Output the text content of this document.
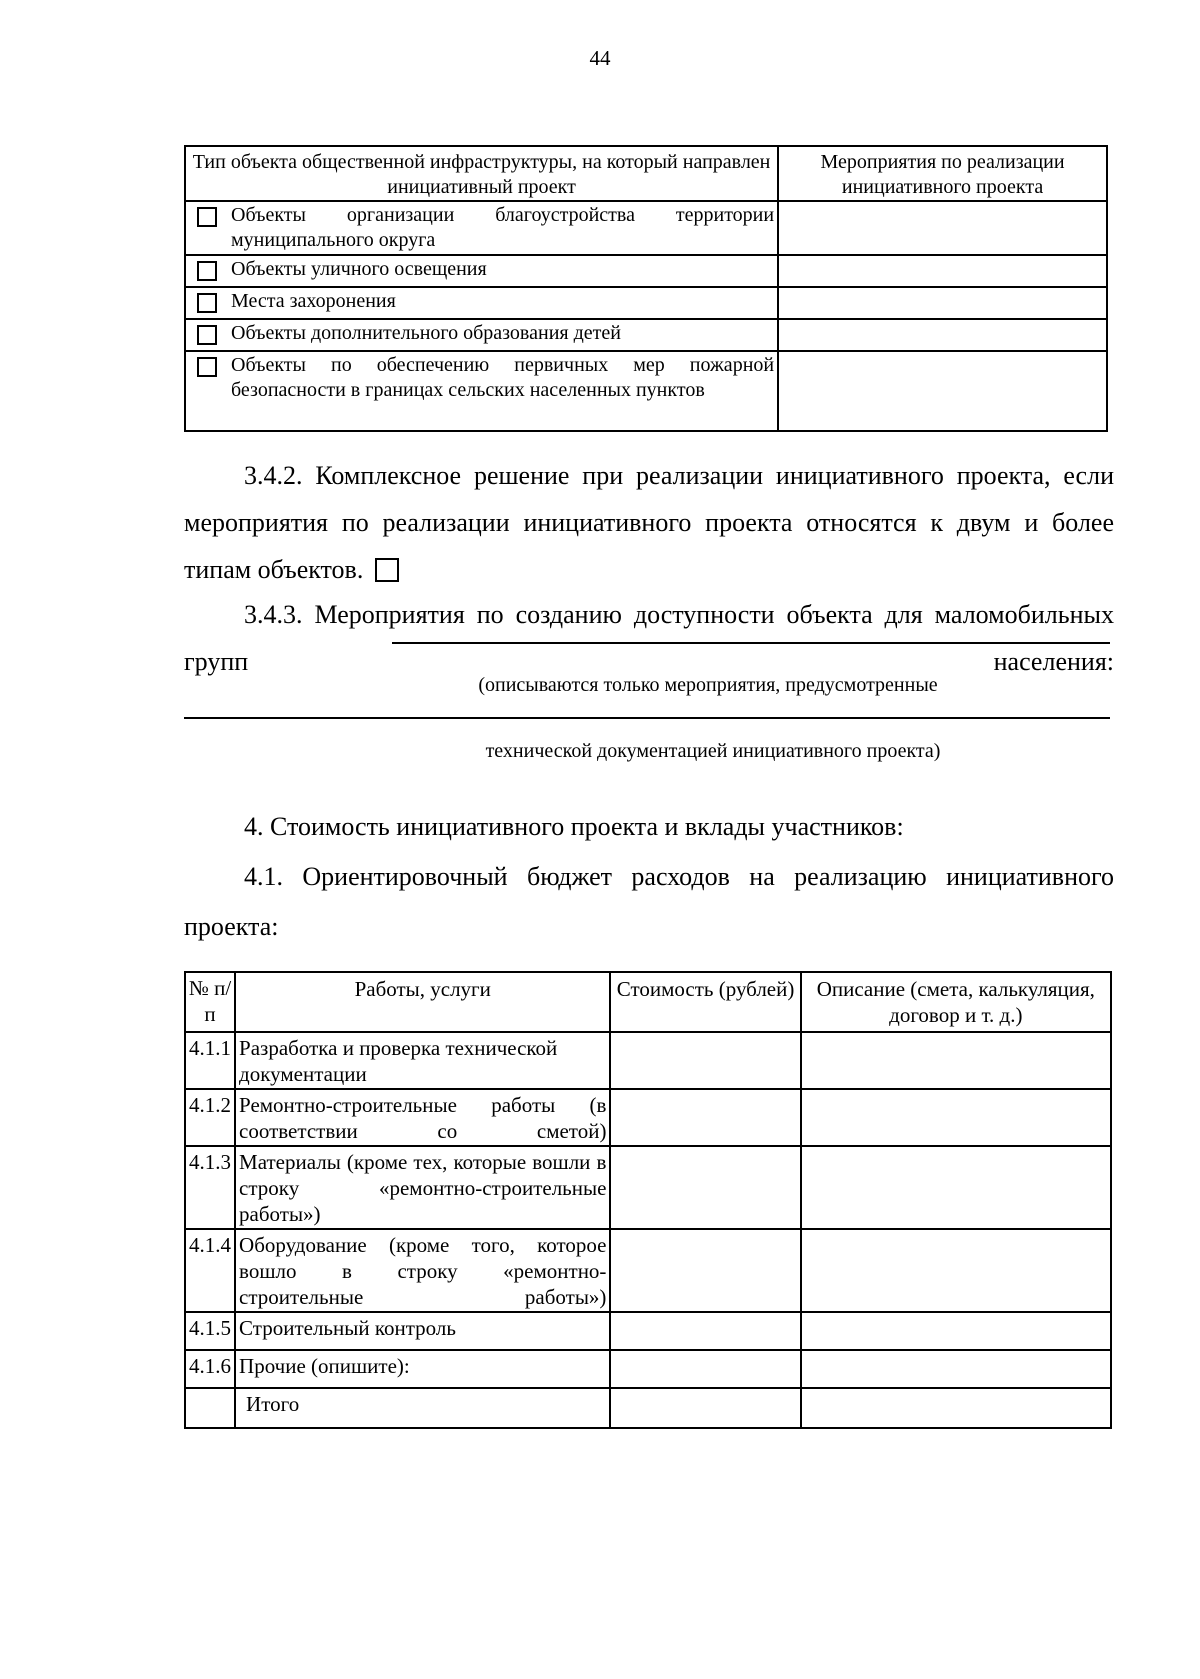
44
Тип объекта общественной инфраструктуры, на который направлен инициативный проект	Мероприятия по реализации инициативного проекта

Объекты организации благоустройства территории муниципального округа	

Объекты уличного освещения	

Места захоронения	

Объекты дополнительного образования детей	

Объекты по обеспечению первичных мер пожарной безопасности в границах сельских населенных пунктов	

3.4.2. Комплексное решение при реализации инициативного проекта, если мероприятия по реализации инициативного проекта относятся к двум и более типам объектов.
3.4.3. Мероприятия по созданию доступности объекта для маломобильных групп населения:
(описываются только мероприятия, предусмотренные
технической документацией инициативного проекта)
4. Стоимость инициативного проекта и вклады участников:
4.1. Ориентировочный бюджет расходов на реализацию инициативного проекта:
№ п/п	Работы, услуги	Стоимость (рублей)	Описание (смета, калькуляция, договор и т. д.)
4.1.1	Разработка и проверка технической документации		
4.1.2	Ремонтно-строительные работы (в соответствии со сметой)		
4.1.3	Материалы (кроме тех, которые вошли в строку «ремонтно-строительные работы»)		
4.1.4	Оборудование (кроме того, которое вошло в строку «ремонтно-строительные работы»)		
4.1.5	Строительный контроль		
4.1.6	Прочие (опишите):		
	Итого		
